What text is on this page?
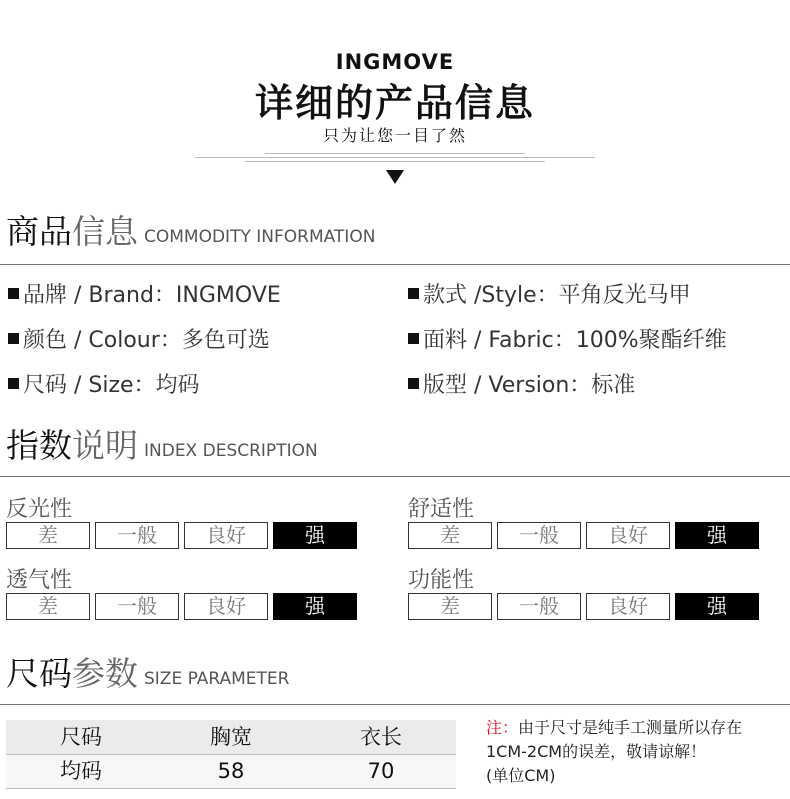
INGMOVE
详细的产品信息
只为让您一目了然
商品 信息 COMMODITY INFORMATION
品牌 / Brand：INGMOVE	款式 /Style：平角反光马甲
颜色 / Colour：多色可选	面料 / Fabric：100%聚酯纤维
尺码 / Size：均码	版型 / Version：标准
指数 说明 INDEX DESCRIPTION
反光性
差	一般	良好	强
舒适性
差	一般	良好	强
透气性
差	一般	良好	强
功能性
差	一般	良好	强
尺码 参数 SIZE PARAMETER
尺码	胸宽	衣长
均码	58	70
注：由于尺寸是纯手工测量所以存在
1CM-2CM的误差，敬请谅解！
(单位CM)
